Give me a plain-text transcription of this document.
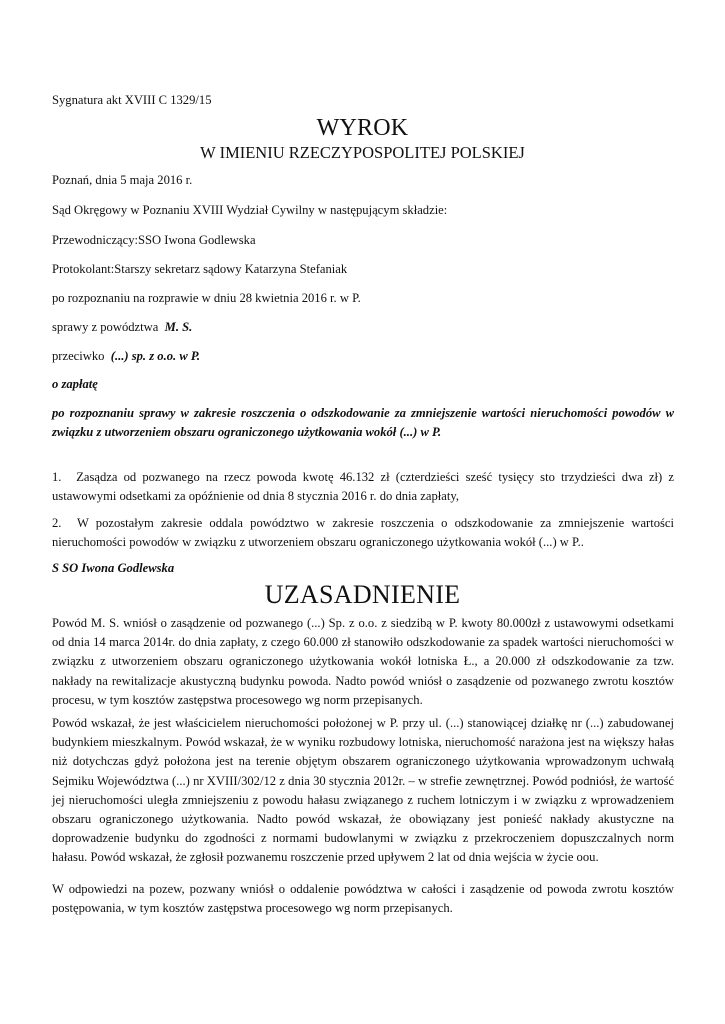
Sygnatura akt XVIII C 1329/15
WYROK
W IMIENIU RZECZYPOSPOLITEJ POLSKIEJ
Poznań, dnia 5 maja 2016 r.
Sąd Okręgowy w Poznaniu XVIII Wydział Cywilny w następującym składzie:
Przewodniczący:SSO Iwona Godlewska
Protokolant:Starszy sekretarz sądowy Katarzyna Stefaniak
po rozpoznaniu na rozprawie w dniu 28 kwietnia 2016 r. w P.
sprawy z powództwa M. S.
przeciwko (...) sp. z o.o. w P.
o zapłatę
po rozpoznaniu sprawy w zakresie roszczenia o odszkodowanie za zmniejszenie wartości nieruchomości powodów w związku z utworzeniem obszaru ograniczonego użytkowania wokół (...) w P.
1. Zasądza od pozwanego na rzecz powoda kwotę 46.132 zł (czterdzieści sześć tysięcy sto trzydzieści dwa zł) z ustawowymi odsetkami za opóźnienie od dnia 8 stycznia 2016 r. do dnia zapłaty,
2. W pozostałym zakresie oddala powództwo w zakresie roszczenia o odszkodowanie za zmniejszenie wartości nieruchomości powodów w związku z utworzeniem obszaru ograniczonego użytkowania wokół (...) w P..
S SO Iwona Godlewska
UZASADNIENIE
Powód M. S. wniósł o zasądzenie od pozwanego (...) Sp. z o.o. z siedzibą w P. kwoty 80.000zł z ustawowymi odsetkami od dnia 14 marca 2014r. do dnia zapłaty, z czego 60.000 zł stanowiło odszkodowanie za spadek wartości nieruchomości w związku z utworzeniem obszaru ograniczonego użytkowania wokół lotniska Ł., a 20.000 zł odszkodowanie za tzw. nakłady na rewitalizacje akustyczną budynku powoda. Nadto powód wniósł o zasądzenie od pozwanego zwrotu kosztów procesu, w tym kosztów zastępstwa procesowego wg norm przepisanych.
Powód wskazał, że jest właścicielem nieruchomości położonej w P. przy ul. (...) stanowiącej działkę nr (...) zabudowanej budynkiem mieszkalnym. Powód wskazał, że w wyniku rozbudowy lotniska, nieruchomość narażona jest na większy hałas niż dotychczas gdyż położona jest na terenie objętym obszarem ograniczonego użytkowania wprowadzonym uchwałą Sejmiku Województwa (...) nr XVIII/302/12 z dnia 30 stycznia 2012r. – w strefie zewnętrznej. Powód podniósł, że wartość jej nieruchomości uległa zmniejszeniu z powodu hałasu związanego z ruchem lotniczym i w związku z wprowadzeniem obszaru ograniczonego użytkowania. Nadto powód wskazał, że obowiązany jest ponieść nakłady akustyczne na doprowadzenie budynku do zgodności z normami budowlanymi w związku z przekroczeniem dopuszczalnych norm hałasu. Powód wskazał, że zgłosił pozwanemu roszczenie przed upływem 2 lat od dnia wejścia w życie oou.
W odpowiedzi na pozew, pozwany wniósł o oddalenie powództwa w całości i zasądzenie od powoda zwrotu kosztów postępowania, w tym kosztów zastępstwa procesowego wg norm przepisanych.
